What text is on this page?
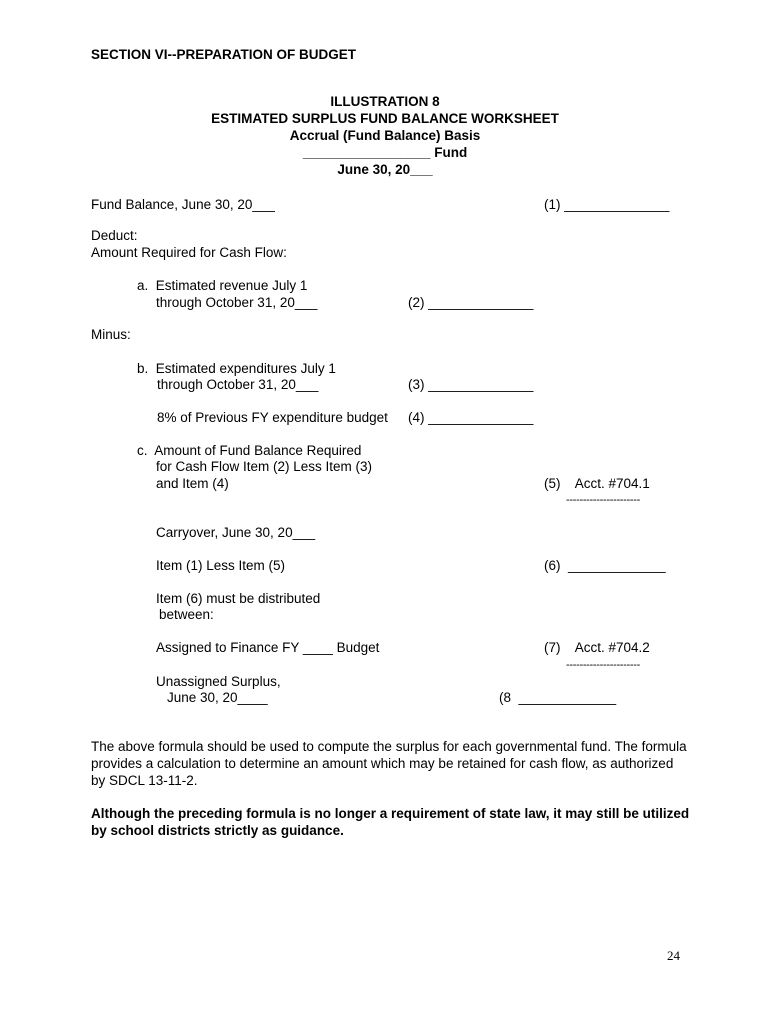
SECTION VI--PREPARATION OF BUDGET
ILLUSTRATION 8
ESTIMATED SURPLUS FUND BALANCE WORKSHEET
Accrual (Fund Balance) Basis
_________________ Fund
June 30, 20___
Fund Balance, June 30, 20___	(1) ______________
Deduct:
Amount Required for Cash Flow:
a.  Estimated revenue July 1
through October 31, 20___	(2) ______________
Minus:
b.  Estimated expenditures July 1
through October 31, 20___	(3) ______________
8% of Previous FY expenditure budget (4) ______________
c.  Amount of Fund Balance Required
for Cash Flow Item (2) Less Item (3)
and Item (4)	(5)    Acct. #704.1
----------------------
Carryover, June 30, 20___
Item (1) Less Item (5)	(6)  _____________
Item (6) must be distributed
between:
Assigned to Finance FY ____ Budget	(7)    Acct. #704.2
----------------------
Unassigned Surplus,
June 30, 20____	(8  _____________
The above formula should be used to compute the surplus for each governmental fund. The formula provides a calculation to determine an amount which may be retained for cash flow, as authorized by SDCL 13-11-2.
Although the preceding formula is no longer a requirement of state law, it may still be utilized by school districts strictly as guidance.
24
